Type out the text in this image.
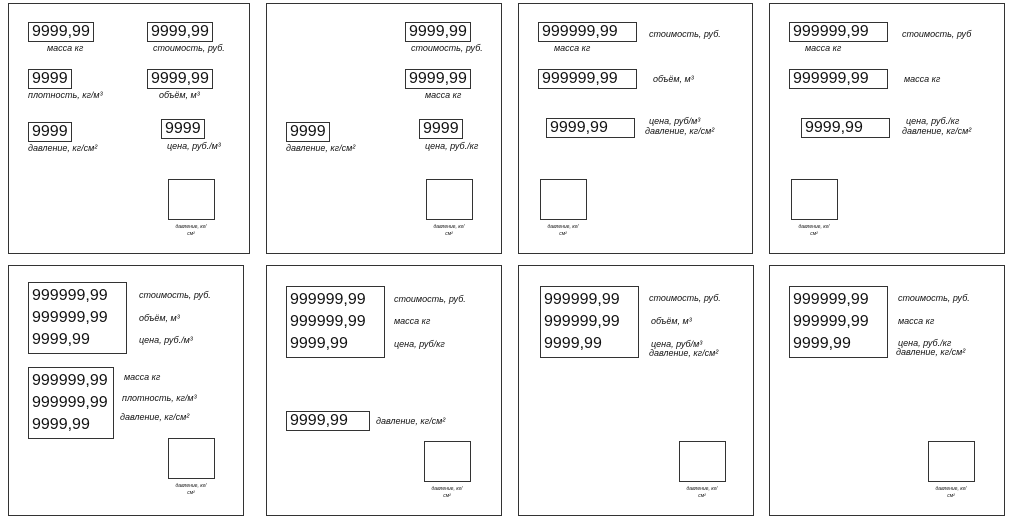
9999,99
масса кг
9999,99
стоимость, руб.
9999
плотность, кг/м³
9999,99
объём, м³
9999
давление, кг/см²
9999
цена, руб./м³
давление, кг/
см²
9999,99
стоимость, руб.
9999,99
масса кг
9999
давление, кг/см²
9999
цена, руб./кг
давление, кг/
см²
999999,99	стоимость, руб.
масса кг
999999,99	объём, м³
9999,99	цена, руб/м³
давление, кг/см²
давление, кг/
см²
999999,99	стоимость, руб
масса кг
999999,99	масса кг
9999,99	цена, руб./кг
давление, кг/см²
давление, кг/
см²
999999,99
999999,99
9999,99
стоимость, руб.
объём, м³
цена, руб./м³
999999,99
999999,99
9999,99
масса кг
плотность, кг/м³
давление, кг/см²
давление, кг/
см²
999999,99
999999,99
9999,99
стоимость, руб.
масса кг
цена, руб/кг
9999,99	давление, кг/см²
давление, кг/
см²
999999,99
999999,99
9999,99
стоимость, руб.
объём, м³
цена, руб/м³
давление, кг/см²
давление, кг/
см²
999999,99
999999,99
9999,99
стоимость, руб.
масса кг
цена, руб./кг
давление, кг/см²
давление, кг/
см²
